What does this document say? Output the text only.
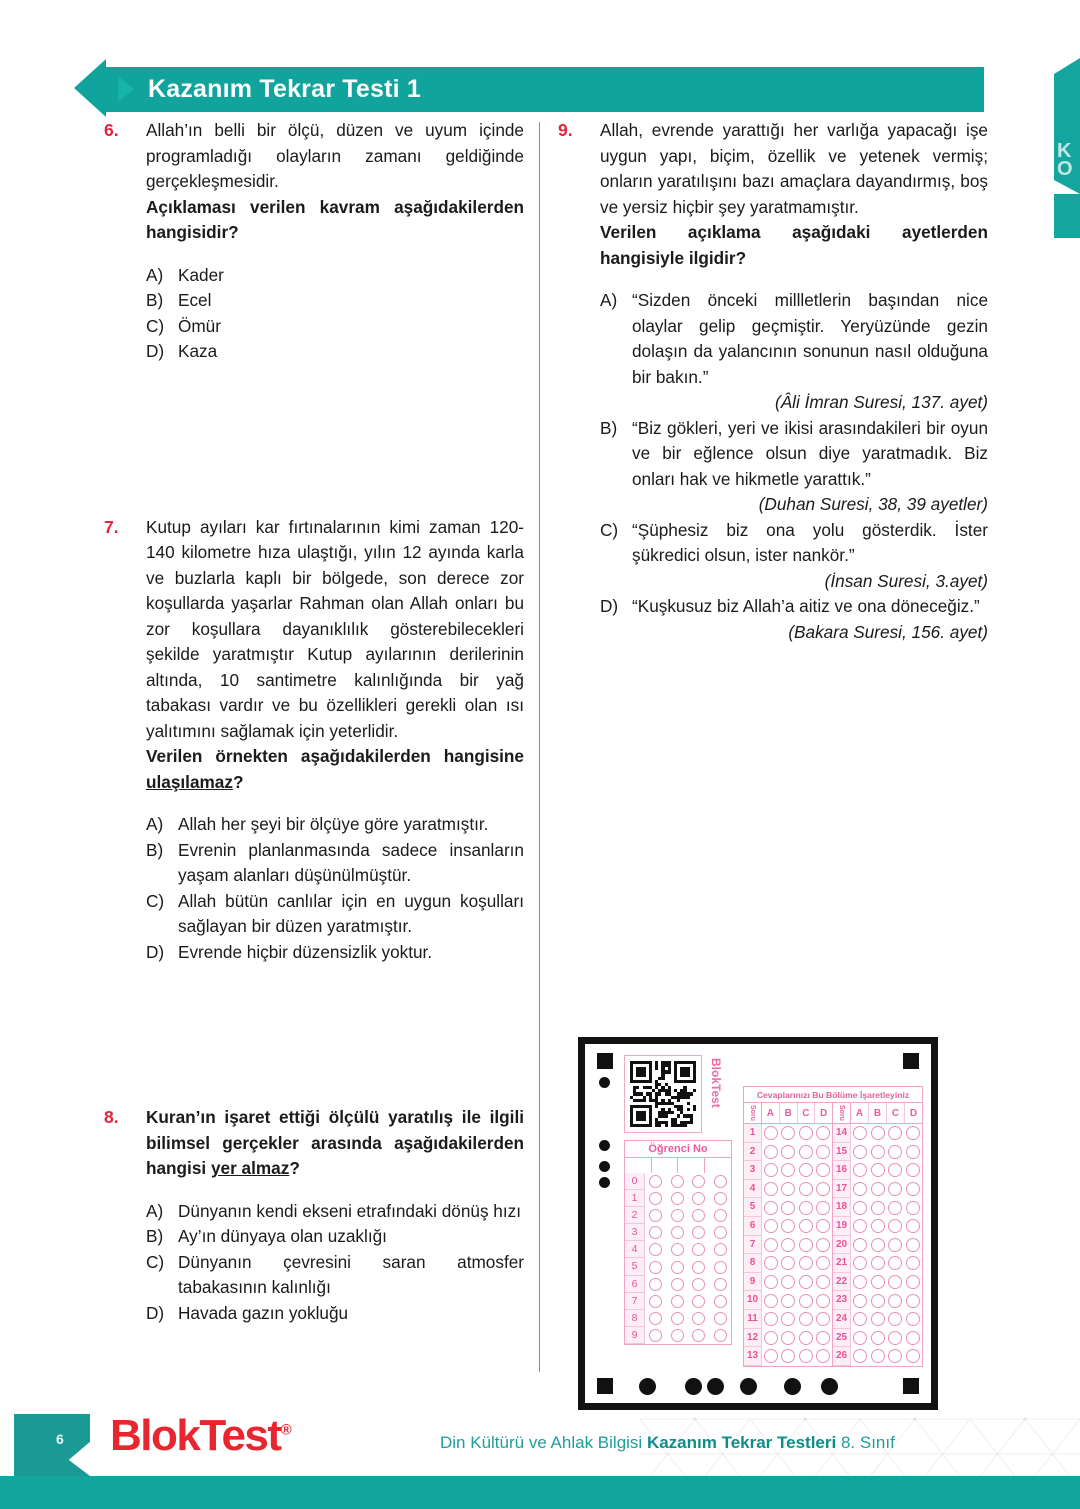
K
O
Kazanım Tekrar Testi 1
6. Allah’ın belli bir ölçü, düzen ve uyum içinde programladığı olayların zamanı geldiğinde gerçekleşmesidir.
Açıklaması verilen kavram aşağıdakilerden hangisidir?
A) Kader
B) Ecel
C) Ömür
D) Kaza
7. Kutup ayıları kar fırtınalarının kimi zaman 120-140 kilometre hıza ulaştığı, yılın 12 ayında karla ve buzlarla kaplı bir bölgede, son derece zor koşullarda yaşarlar Rahman olan Allah onları bu zor koşullara dayanıklılık gösterebilecekleri şekilde yaratmıştır Kutup ayılarının derilerinin altında, 10 santimetre kalınlığında bir yağ tabakası vardır ve bu özellikleri gerekli olan ısı yalıtımını sağlamak için yeterlidir.
Verilen örnekten aşağıdakilerden hangisine ulaşılamaz?
A) Allah her şeyi bir ölçüye göre yaratmıştır.
B) Evrenin planlanmasında sadece insanların yaşam alanları düşünülmüştür.
C) Allah bütün canlılar için en uygun koşulları sağlayan bir düzen yaratmıştır.
D) Evrende hiçbir düzensizlik yoktur.
8. Kuran’ın işaret ettiği ölçülü yaratılış ile ilgili bilimsel gerçekler arasında aşağıdakilerden hangisi yer almaz?
A) Dünyanın kendi ekseni etrafındaki dönüş hızı
B) Ay’ın dünyaya olan uzaklığı
C) Dünyanın çevresini saran atmosfer tabakasının kalınlığı
D) Havada gazın yokluğu
9. Allah, evrende yarattığı her varlığa yapacağı işe uygun yapı, biçim, özellik ve yetenek vermiş; onların yaratılışını bazı amaçlara dayandırmış, boş ve yersiz hiçbir şey yaratmamıştır.
Verilen açıklama aşağıdaki ayetlerden hangisiyle ilgidir?
A) “Sizden önceki millletlerin başından nice olaylar gelip geçmiştir. Yeryüzünde gezin dolaşın da yalancının sonunun nasıl olduğuna bir bakın.”
(Âli İmran Suresi, 137. ayet)
B) “Biz gökleri, yeri ve ikisi arasındakileri bir oyun ve bir eğlence olsun diye yaratmadık. Biz onları hak ve hikmetle yarattık.”
(Duhan Suresi, 38, 39 ayetler)
C) “Şüphesiz biz ona yolu gösterdik. İster şükredici olsun, ister nankör.”
(İnsan Suresi, 3.ayet)
D) “Kuşkusuz biz Allah’a aitiz ve ona döneceğiz.”
(Bakara Suresi, 156. ayet)
BlokTest
Öğrenci No
0
1
2
3
4
5
6
7
8
9
Cevaplarınızı Bu Bölüme İşaretleyiniz
Soru	A	B	C	D
1
2
3
4
5
6
7
8
9
10
11
12
13
Soru	A	B	C	D
14
15
16
17
18
19
20
21
22
23
24
25
26
6 BlokTest®
Din Kültürü ve Ahlak Bilgisi Kazanım Tekrar Testleri 8. Sınıf
